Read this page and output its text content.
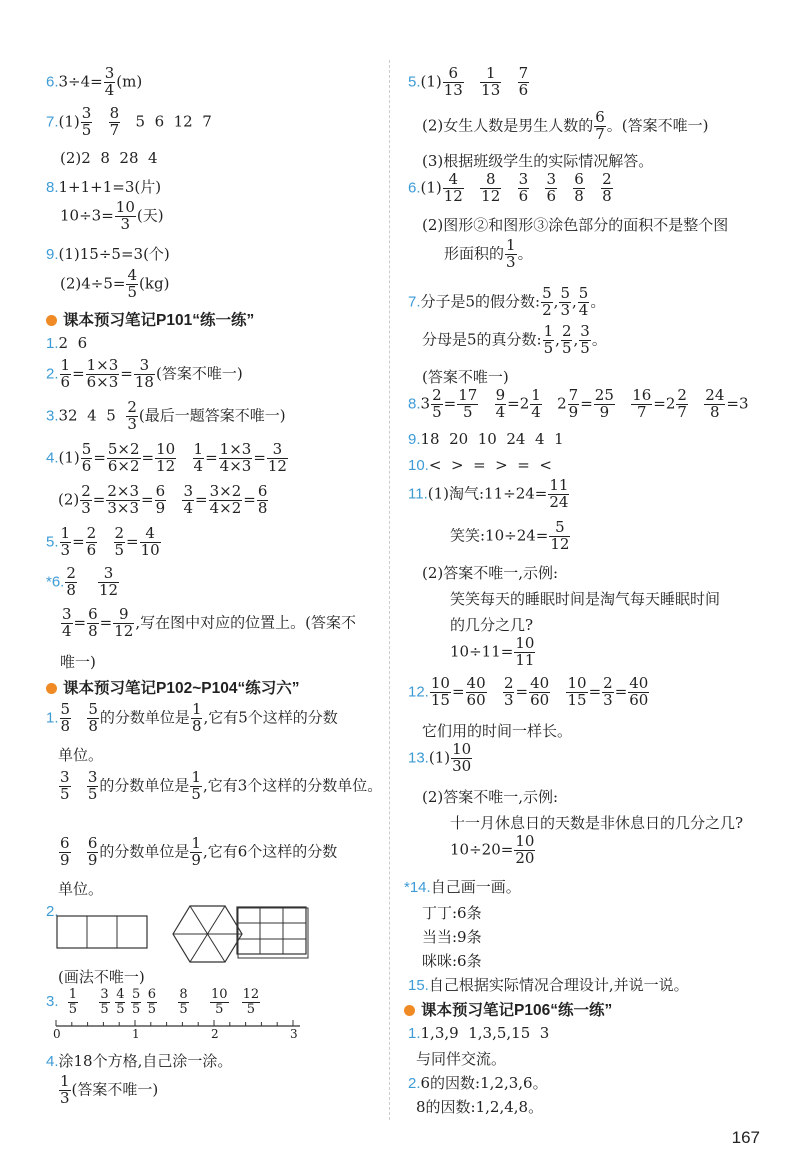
$6.3\div 4= \frac{3}{4} (m)$
$7.(1) \frac{3}{5}$
$\frac{8}{7} 5$  6  12  7
(2)2  8  28  4
8.1+1+1=3(片)
$10\div 3= \frac{10}{3}$ (天)
9.(1)15÷5=3(个)
$(2)4\div 5= \frac{4}{5} (kg)$
课本预习笔记P101“练一练”
1.2  6
2. $\frac{1}{6} = \frac{1\times 3}{6\times 3} = \frac{3}{18}$ (答案不唯一)
3.32  4  $5 \frac{2}{3}$ (最后一题答案不唯一)
$4.(1) \frac{5}{6} = \frac{5\times 2}{6\times 2} = \frac{10}{12}$
$\frac{1}{4} = \frac{1\times 3}{4\times 3} = \frac{3}{12}$
$(2) \frac{2}{3} = \frac{2\times 3}{3\times 3} = \frac{6}{9}$
$\frac{3}{4} = \frac{3\times 2}{4\times 2} = \frac{6}{8}$
5. $\frac{1}{3} = \frac{2}{6}$
$\frac{2}{5} = \frac{4}{10}$
*6. $\frac{2}{8}$
$\frac{3}{12}$
$\frac{3}{4} = \frac{6}{8} = \frac{9}{12}$ ,写在图中对应的位置上。(答案不
唯一)
课本预习笔记P102~P104“练习六”
1. $\frac{5}{8}$
$\frac{5}{8}$ 的分数单位是 $\frac{1}{8}$ ,它有5个这样的分数
单位。
$\frac{3}{5}$
$\frac{3}{5}$ 的分数单位是 $\frac{1}{5}$ ,它有3个这样的分数单位。
$\frac{6}{9}$
$\frac{6}{9}$ 的分数单位是 $\frac{1}{9}$ ,它有6个这样的分数
单位。
2.
(画法不唯一)
3. 1
5
3
5
4
5
5
5
6
5
8
5
10
5
12
5
0	1	2	3
4.涂18个方格,自己涂一涂。
$\frac{1}{3}$ (答案不唯一)
$5.(1) \frac{6}{13}$
$\frac{1}{13}$
$\frac{7}{6}$
(2)女生人数是男生人数的 $\frac{6}{7}$ 。(答案不唯一)
(3)根据班级学生的实际情况解答。
$6.(1) \frac{4}{12}$
$\frac{8}{12}$
$\frac{3}{6}$
$\frac{3}{6}$
$\frac{6}{8}$
$\frac{2}{8}$
(2)图形②和图形③涂色部分的面积不是整个图
形面积的 $\frac{1}{3}$ 。
7.分子是5的假分数: $\frac{5}{2}$ , $\frac{5}{3}$ , $\frac{5}{4}$ 。
分母是5的真分数: $\frac{1}{5}$ , $\frac{2}{5}$ , $\frac{3}{5}$ 。
(答案不唯一)
$8.3 \frac{2}{5} = \frac{17}{5}$
$\frac{9}{4} =2 \frac{1}{4} 2 \frac{7}{9} = \frac{25}{9}$
$\frac{16}{7} =2 \frac{2}{7}$
$\frac{24}{8} =3$
9.18  20  10  24  4  1
10.<  >  =  >  =  <
11.(1)淘气:11÷24= $\frac{11}{24}$
笑笑:10÷24= $\frac{5}{12}$
(2)答案不唯一,示例:
笑笑每天的睡眠时间是淘气每天睡眠时间
的几分之几?
$10\div 11= \frac{10}{11}$
12. $\frac{10}{15} = \frac{40}{60}$
$\frac{2}{3} = \frac{40}{60}$
$\frac{10}{15} = \frac{2}{3} = \frac{40}{60}$
它们用的时间一样长。
$13.(1) \frac{10}{30}$
(2)答案不唯一,示例:
十一月休息日的天数是非休息日的几分之几?
$10\div 20= \frac{10}{20}$
*14.自己画一画。
丁丁:6条
当当:9条
咪咪:6条
15.自己根据实际情况合理设计,并说一说。
课本预习笔记P106“练一练”
1.1,3,9  1,3,5,15  3
与同伴交流。
2.6的因数:1,2,3,6。
8的因数:1,2,4,8。
167
